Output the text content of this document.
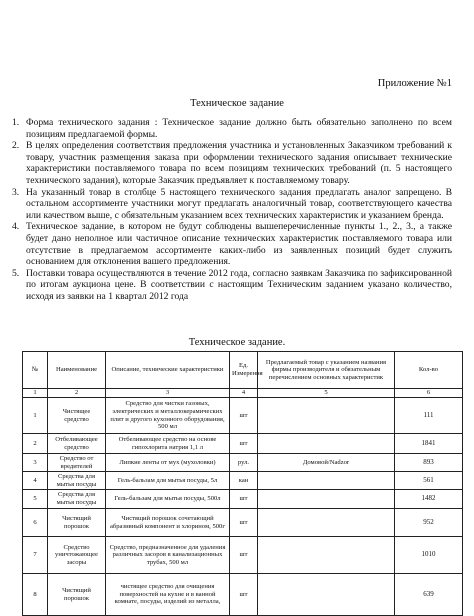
Приложение №1
Техническое задание
1. Форма технического задания : Техническое задание должно быть обязательно заполнено по всем позициям предлагаемой формы.
2. В целях определения соответствия предложения участника и установленных Заказчиком требований к товару, участник размещения заказа при оформлении технического задания описывает технические характеристики поставляемого товара по всем позициям технических требований (п. 5 настоящего технического задания), которые Заказчик предъявляет к поставляемому товару.
3. На указанный товар в столбце 5 настоящего технического задания предлагать аналог запрещено. В остальном ассортименте участники могут предлагать аналогичный товар, соответствующего качества или качеством выше, с обязательным указанием всех технических характеристик и указанием бренда.
4. Техническое задание, в котором не будут соблюдены вышеперечисленные пункты 1., 2., 3., а также будет дано неполное или частичное описание технических характеристик поставляемого товара или отсутствие в предлагаемом ассортименте каких-либо из заявленных позиций будет служить основанием для отклонения вашего предложения.
5. Поставки товара осуществляются в течение 2012 года, согласно заявкам Заказчика по зафиксированной по итогам аукциона цене. В соответствии с настоящим Техническим заданием указано количество, исходя из заявки на 1 квартал 2012 года
Техническое задание.
№	Наименование	Описание, технические характеристики	Ед. Измерения	Предлагаемый товар с указанием названия фирмы производителя и обязательным перечислением основных характеристик	Кол-во
1	2	3	4	5	6
1	Чистящее средство	Средство для чистки газовых, электрических и металлокерамических плит и другого кухонного оборудования, 500 мл	шт		111
2	Отбеливающее средство	Отбеливающее средство на основе гипохлорита натрия 1,1 л	шт		1841
3	Средство от вредителей	Липкие ленты от мух (мухоловки)	рул.	Домовой/Nadzor	893
4	Средства для мытья посуды	Гель-бальзам для мытья посуды, 5л	кан		561
5	Средства для мытья посуды	Гель-бальзам для мытья посуды, 500л	шт		1482
6	Чистящий порошок	Чистящий порошок сочетающий абразивный компонент и хлорином, 500г	шт		952
7	Средство уничтожающее засоры	Средство, предназначенное для удаления различных засоров в канализационных трубах, 500 мл	шт		1010
8	Чистящий порошок	чистящее средство для очищения поверхностей на кухне и в ванной комнате, посуды, изделий из металла,	шт		639
